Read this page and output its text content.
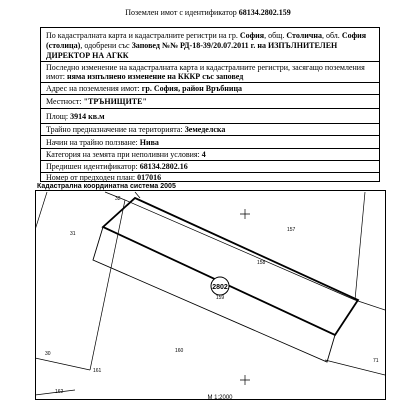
Поземлен имот с идентификатор 68134.2802.159
По кадастралната карта и кадастралните регистри на гр. София, общ. Столична, обл. София
(столица), одобрени със Заповед №№ РД-18-39/20.07.2011 г. на ИЗПЪЛНИТЕЛЕН
ДИРЕКТОР НА АГКК
Последно изменение на кадастралната карта и кадастралните регистри, засягащо поземления
имот: няма изпълнено изменение на КККР със заповед
Адрес на поземления имот: гр. София, район Връбница
Местност: "ТРЪНИЩИТЕ"
Площ: 3914 кв.м
Трайно предназначение на територията: Земеделска
Начин на трайно ползване: Нива
Категория на земята при неполивни условия: 4
Предишен идентификатор: 68134.2802.16
Номер от предходен план: 017016
Кадастрална координатна система 2005
2802
159
32
31
157
158
160
161
30
162
71
М 1:2000
